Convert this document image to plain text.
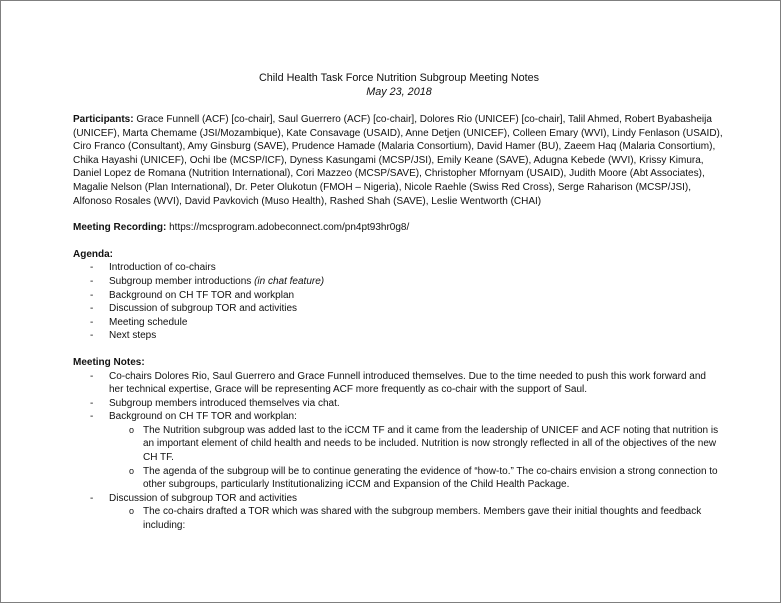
Child Health Task Force Nutrition Subgroup Meeting Notes
May 23, 2018

Participants: Grace Funnell (ACF) [co-chair], Saul Guerrero (ACF) [co-chair], Dolores Rio (UNICEF) [co-chair], Talil Ahmed, Robert Byabasheija (UNICEF), Marta Chemame (JSI/Mozambique), Kate Consavage (USAID), Anne Detjen (UNICEF), Colleen Emary (WVI), Lindy Fenlason (USAID), Ciro Franco (Consultant), Amy Ginsburg (SAVE), Prudence Hamade (Malaria Consortium), David Hamer (BU), Zaeem Haq (Malaria Consortium), Chika Hayashi (UNICEF), Ochi Ibe (MCSP/ICF), Dyness Kasungami (MCSP/JSI), Emily Keane (SAVE), Adugna Kebede (WVI), Krissy Kimura, Daniel Lopez de Romana (Nutrition International), Cori Mazzeo (MCSP/SAVE), Christopher Mfornyam (USAID), Judith Moore (Abt Associates), Magalie Nelson (Plan International), Dr. Peter Olukotun (FMOH – Nigeria), Nicole Raehle (Swiss Red Cross), Serge Raharison (MCSP/JSI), Alfonoso Rosales (WVI), David Pavkovich (Muso Health), Rashed Shah (SAVE), Leslie Wentworth (CHAI)

Meeting Recording: https://mcsprogram.adobeconnect.com/pn4pt93hr0g8/

Agenda:
- Introduction of co-chairs
- Subgroup member introductions (in chat feature)
- Background on CH TF TOR and workplan
- Discussion of subgroup TOR and activities
- Meeting schedule
- Next steps
Meeting Notes:
- Co-chairs Dolores Rio, Saul Guerrero and Grace Funnell introduced themselves. Due to the time needed to push this work forward and her technical expertise, Grace will be representing ACF more frequently as co-chair with the support of Saul.
- Subgroup members introduced themselves via chat.
- Background on CH TF TOR and workplan:
o The Nutrition subgroup was added last to the iCCM TF and it came from the leadership of UNICEF and ACF noting that nutrition is an important element of child health and needs to be included. Nutrition is now strongly reflected in all of the objectives of the new CH TF.
o The agenda of the subgroup will be to continue generating the evidence of “how-to.” The co-chairs envision a strong connection to other subgroups, particularly Institutionalizing iCCM and Expansion of the Child Health Package.
- Discussion of subgroup TOR and activities
o The co-chairs drafted a TOR which was shared with the subgroup members. Members gave their initial thoughts and feedback including:
